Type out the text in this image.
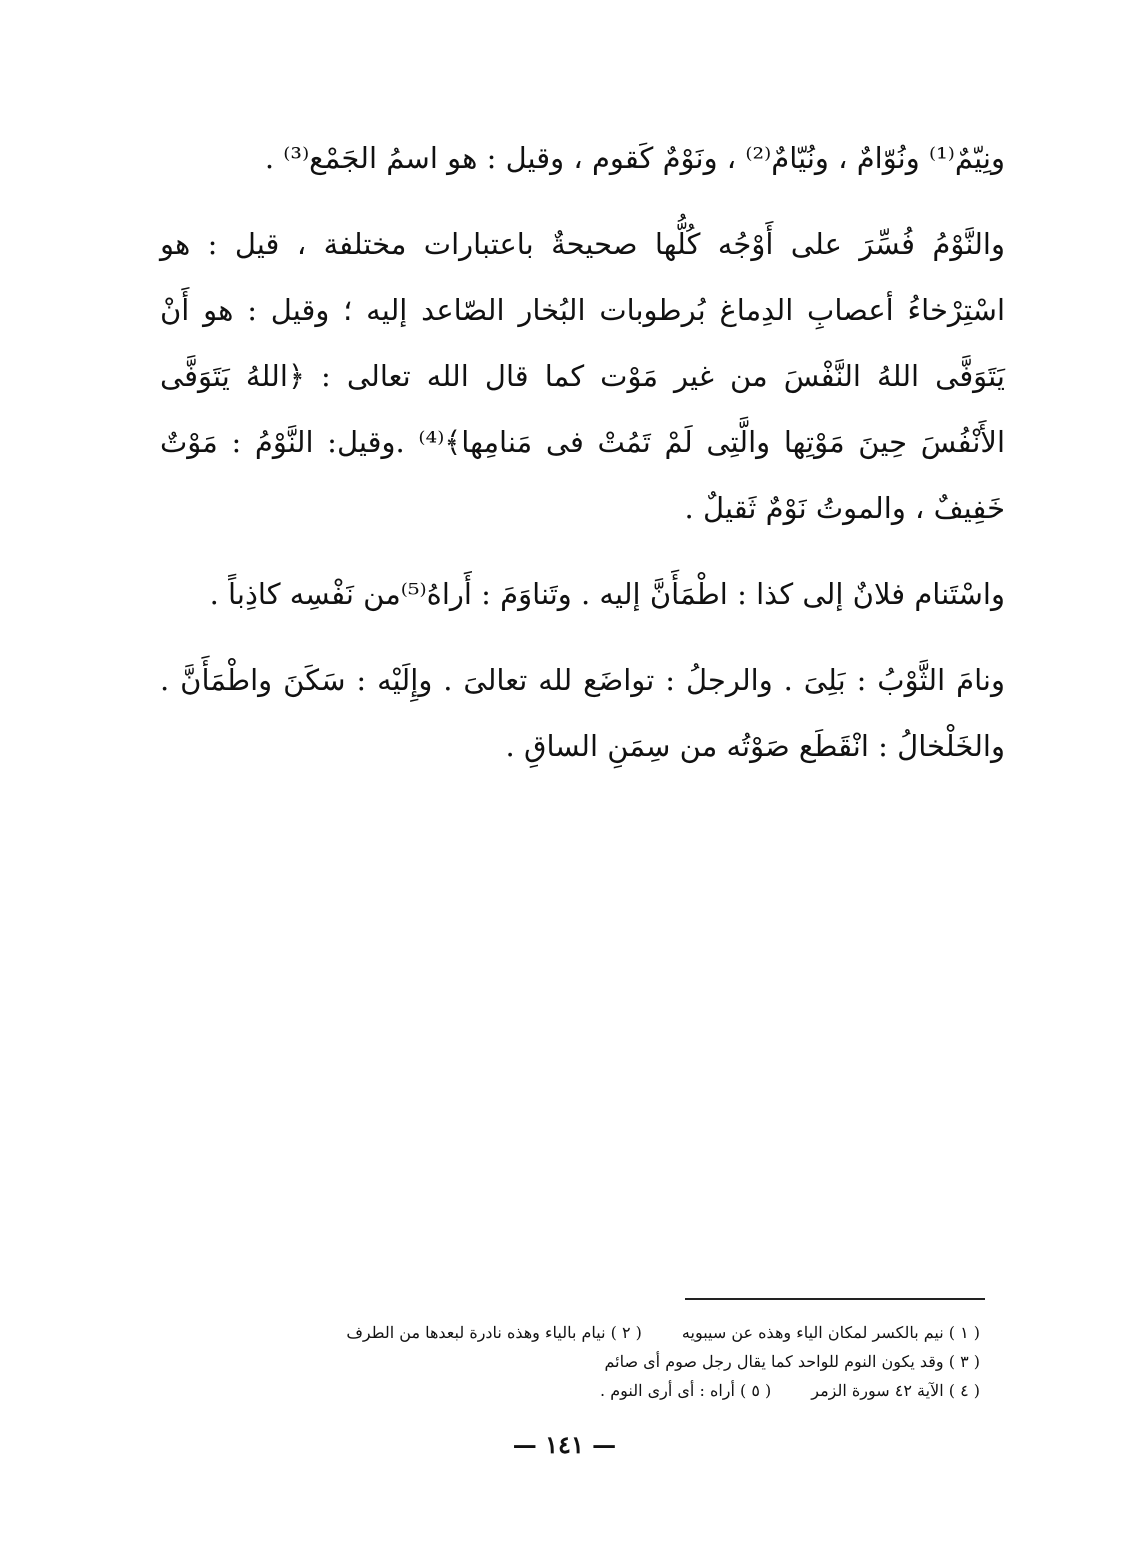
ونِيّمٌ⁽¹⁾ ونُوّامٌ ، ونُيّامٌ⁽²⁾ ، ونَوْمٌ كَقوم ، وقيل : هو اسمُ الجَمْع⁽³⁾ .

والنَّوْمُ فُسِّرَ على أَوْجُه كُلُّها صحيحةٌ باعتبارات مختلفة ، قيل : هو اسْتِرْخاءُ أعصابِ الدِماغ بُرطوبات البُخار الصّاعد إليه ؛ وقيل : هو أَنْ يَتَوَفَّى اللهُ النَّفْسَ من غير مَوْت كما قال الله تعالى : ﴿اللهُ يَتَوَفَّى الأَنْفُسَ حِينَ مَوْتِها والَّتِى لَمْ تَمُتْ فى مَنامِها﴾⁽⁴⁾ .وقيل: النَّوْمُ : مَوْتٌ خَفِيفٌ ، والموتُ نَوْمٌ ثَقيلٌ .

واسْتَنام فلانٌ إلى كذا : اطْمَأَنَّ إليه . وتَناوَمَ : أَراهُ⁽⁵⁾من نَفْسِه كاذِباً .

ونامَ الثَّوْبُ : بَلِىَ . والرجلُ : تواضَع لله تعالىَ . وإِلَيْه : سَكَنَ واطْمَأَنَّ . والخَلْخالُ : انْقَطَع صَوْتُه من سِمَنِ الساقِ .

( ١ ) نيم بالكسر لمكان الياء وهذه عن سيبويه
( ٢ ) نيام بالياء وهذه نادرة لبعدها من الطرف
( ٣ ) وقد يكون النوم للواحد كما يقال رجل صوم أى صائم
( ٤ ) الآية ٤٢ سورة الزمر
( ٥ ) أراه : أى أرى النوم .
— ١٤١ —
